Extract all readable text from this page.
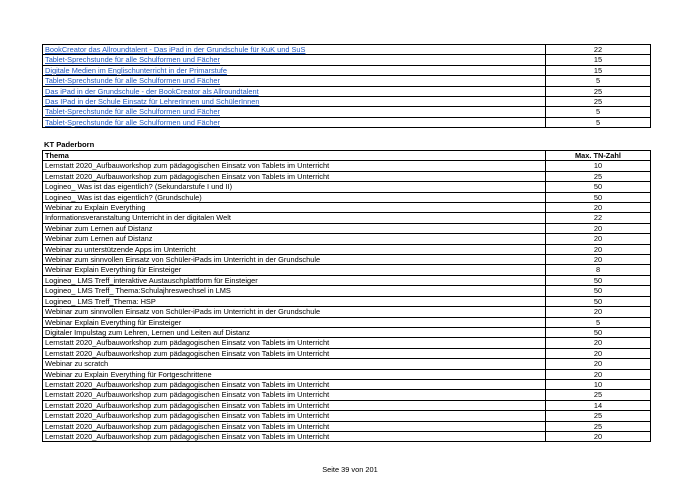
BookCreator das Allroundtalent - Das iPad in der Grundschule für KuK und SuS	22
Tablet-Sprechstunde für alle Schulformen und Fächer	15
Digitale Medien im Englischunterricht in der Primarstufe	15
Tablet-Sprechstunde für alle Schulformen und Fächer	5
Das iPad in der Grundschule - der BookCreator als Allroundtalent	25
Das IPad in der Schule Einsatz für LehrerInnen und SchülerInnen	25
Tablet-Sprechstunde für alle Schulformen und Fächer	5
Tablet-Sprechstunde für alle Schulformen und Fächer	5
KT Paderborn
Thema	Max. TN-Zahl
Lernstatt 2020_Aufbauworkshop zum pädagogischen Einsatz von Tablets im Unterricht	10
Lernstatt 2020_Aufbauworkshop zum pädagogischen Einsatz von Tablets im Unterricht	25
Logineo_ Was ist das eigentlich? (Sekundarstufe I und II)	50
Logineo_ Was ist das eigentlich? (Grundschule)	50
Webinar zu Explain Everything	20
Informationsveranstaltung Unterricht in der digitalen Welt	22
Webinar zum Lernen auf Distanz	20
Webinar zum Lernen auf Distanz	20
Webinar zu unterstützende Apps im Unterricht	20
Webinar zum sinnvollen Einsatz von Schüler-iPads im Unterricht in der Grundschule	20
Webinar Explain Everything für Einsteiger	8
Logineo_ LMS Treff_interaktive Austauschplattform für Einsteiger	50
Logineo_ LMS Treff_ Thema:Schulajhreswechsel in LMS	50
Logineo_ LMS Treff_Thema: HSP	50
Webinar zum sinnvollen Einsatz von Schüler-iPads im Unterricht in der Grundschule	20
Webinar Explain Everything für Einsteiger	5
Digitaler Impulstag zum Lehren, Lernen und Leiten auf Distanz	50
Lernstatt 2020_Aufbauworkshop zum pädagogischen Einsatz von Tablets im Unterricht	20
Lernstatt 2020_Aufbauworkshop zum pädagogischen Einsatz von Tablets im Unterricht	20
Webinar zu scratch	20
Webinar zu Explain Everything für Fortgeschrittene	20
Lernstatt 2020_Aufbauworkshop zum pädagogischen Einsatz von Tablets im Unterricht	10
Lernstatt 2020_Aufbauworkshop zum pädagogischen Einsatz von Tablets im Unterricht	25
Lernstatt 2020_Aufbauworkshop zum pädagogischen Einsatz von Tablets im Unterricht	14
Lernstatt 2020_Aufbauworkshop zum pädagogischen Einsatz von Tablets im Unterricht	25
Lernstatt 2020_Aufbauworkshop zum pädagogischen Einsatz von Tablets im Unterricht	25
Lernstatt 2020_Aufbauworkshop zum pädagogischen Einsatz von Tablets im Unterricht	20
Seite 39 von 201
